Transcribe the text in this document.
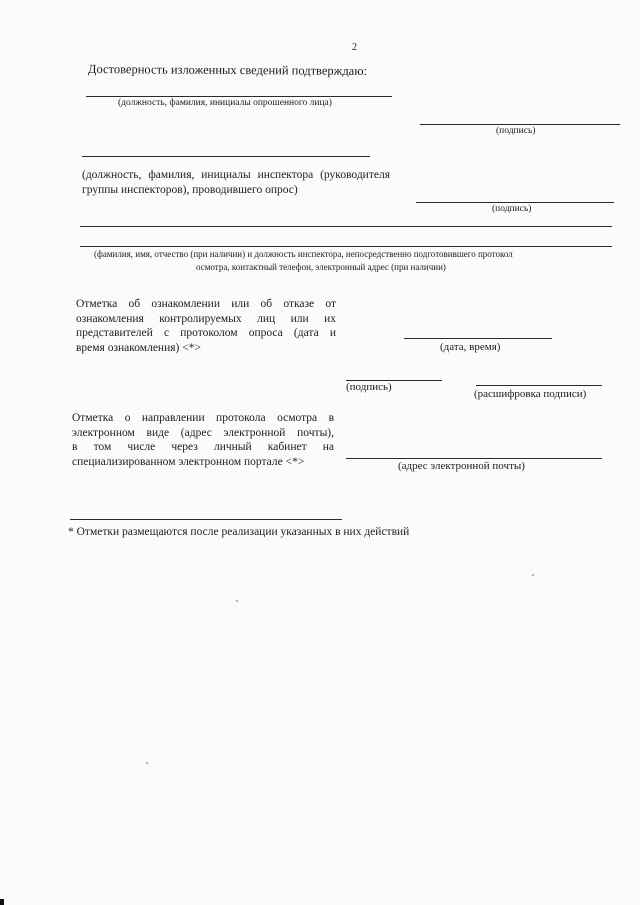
2
Достоверность изложенных сведений подтверждаю:
(должность, фамилия, инициалы опрошенного лица)
(подпись)
(должность, фамилия, инициалы инспектора (руководителя
группы инспекторов), проводившего опрос)
(подпись)
(фамилия, имя, отчество (при наличии) и должность инспектора, непосредственно подготовившего протокол
осмотра, контактный телефон, электронный адрес (при наличии)
Отметка об ознакомлении или об отказе от
ознакомления контролируемых лиц или их
представителей с протоколом опроса (дата и
время ознакомления) <*>	(дата, время)
(подпись)
(расшифровка подписи)
Отметка о направлении протокола осмотра в
электронном виде (адрес электронной почты),
в том числе через личный кабинет на
специализированном электронном портале <*>	(адрес электронной почты)
* Отметки размещаются после реализации указанных в них действий
